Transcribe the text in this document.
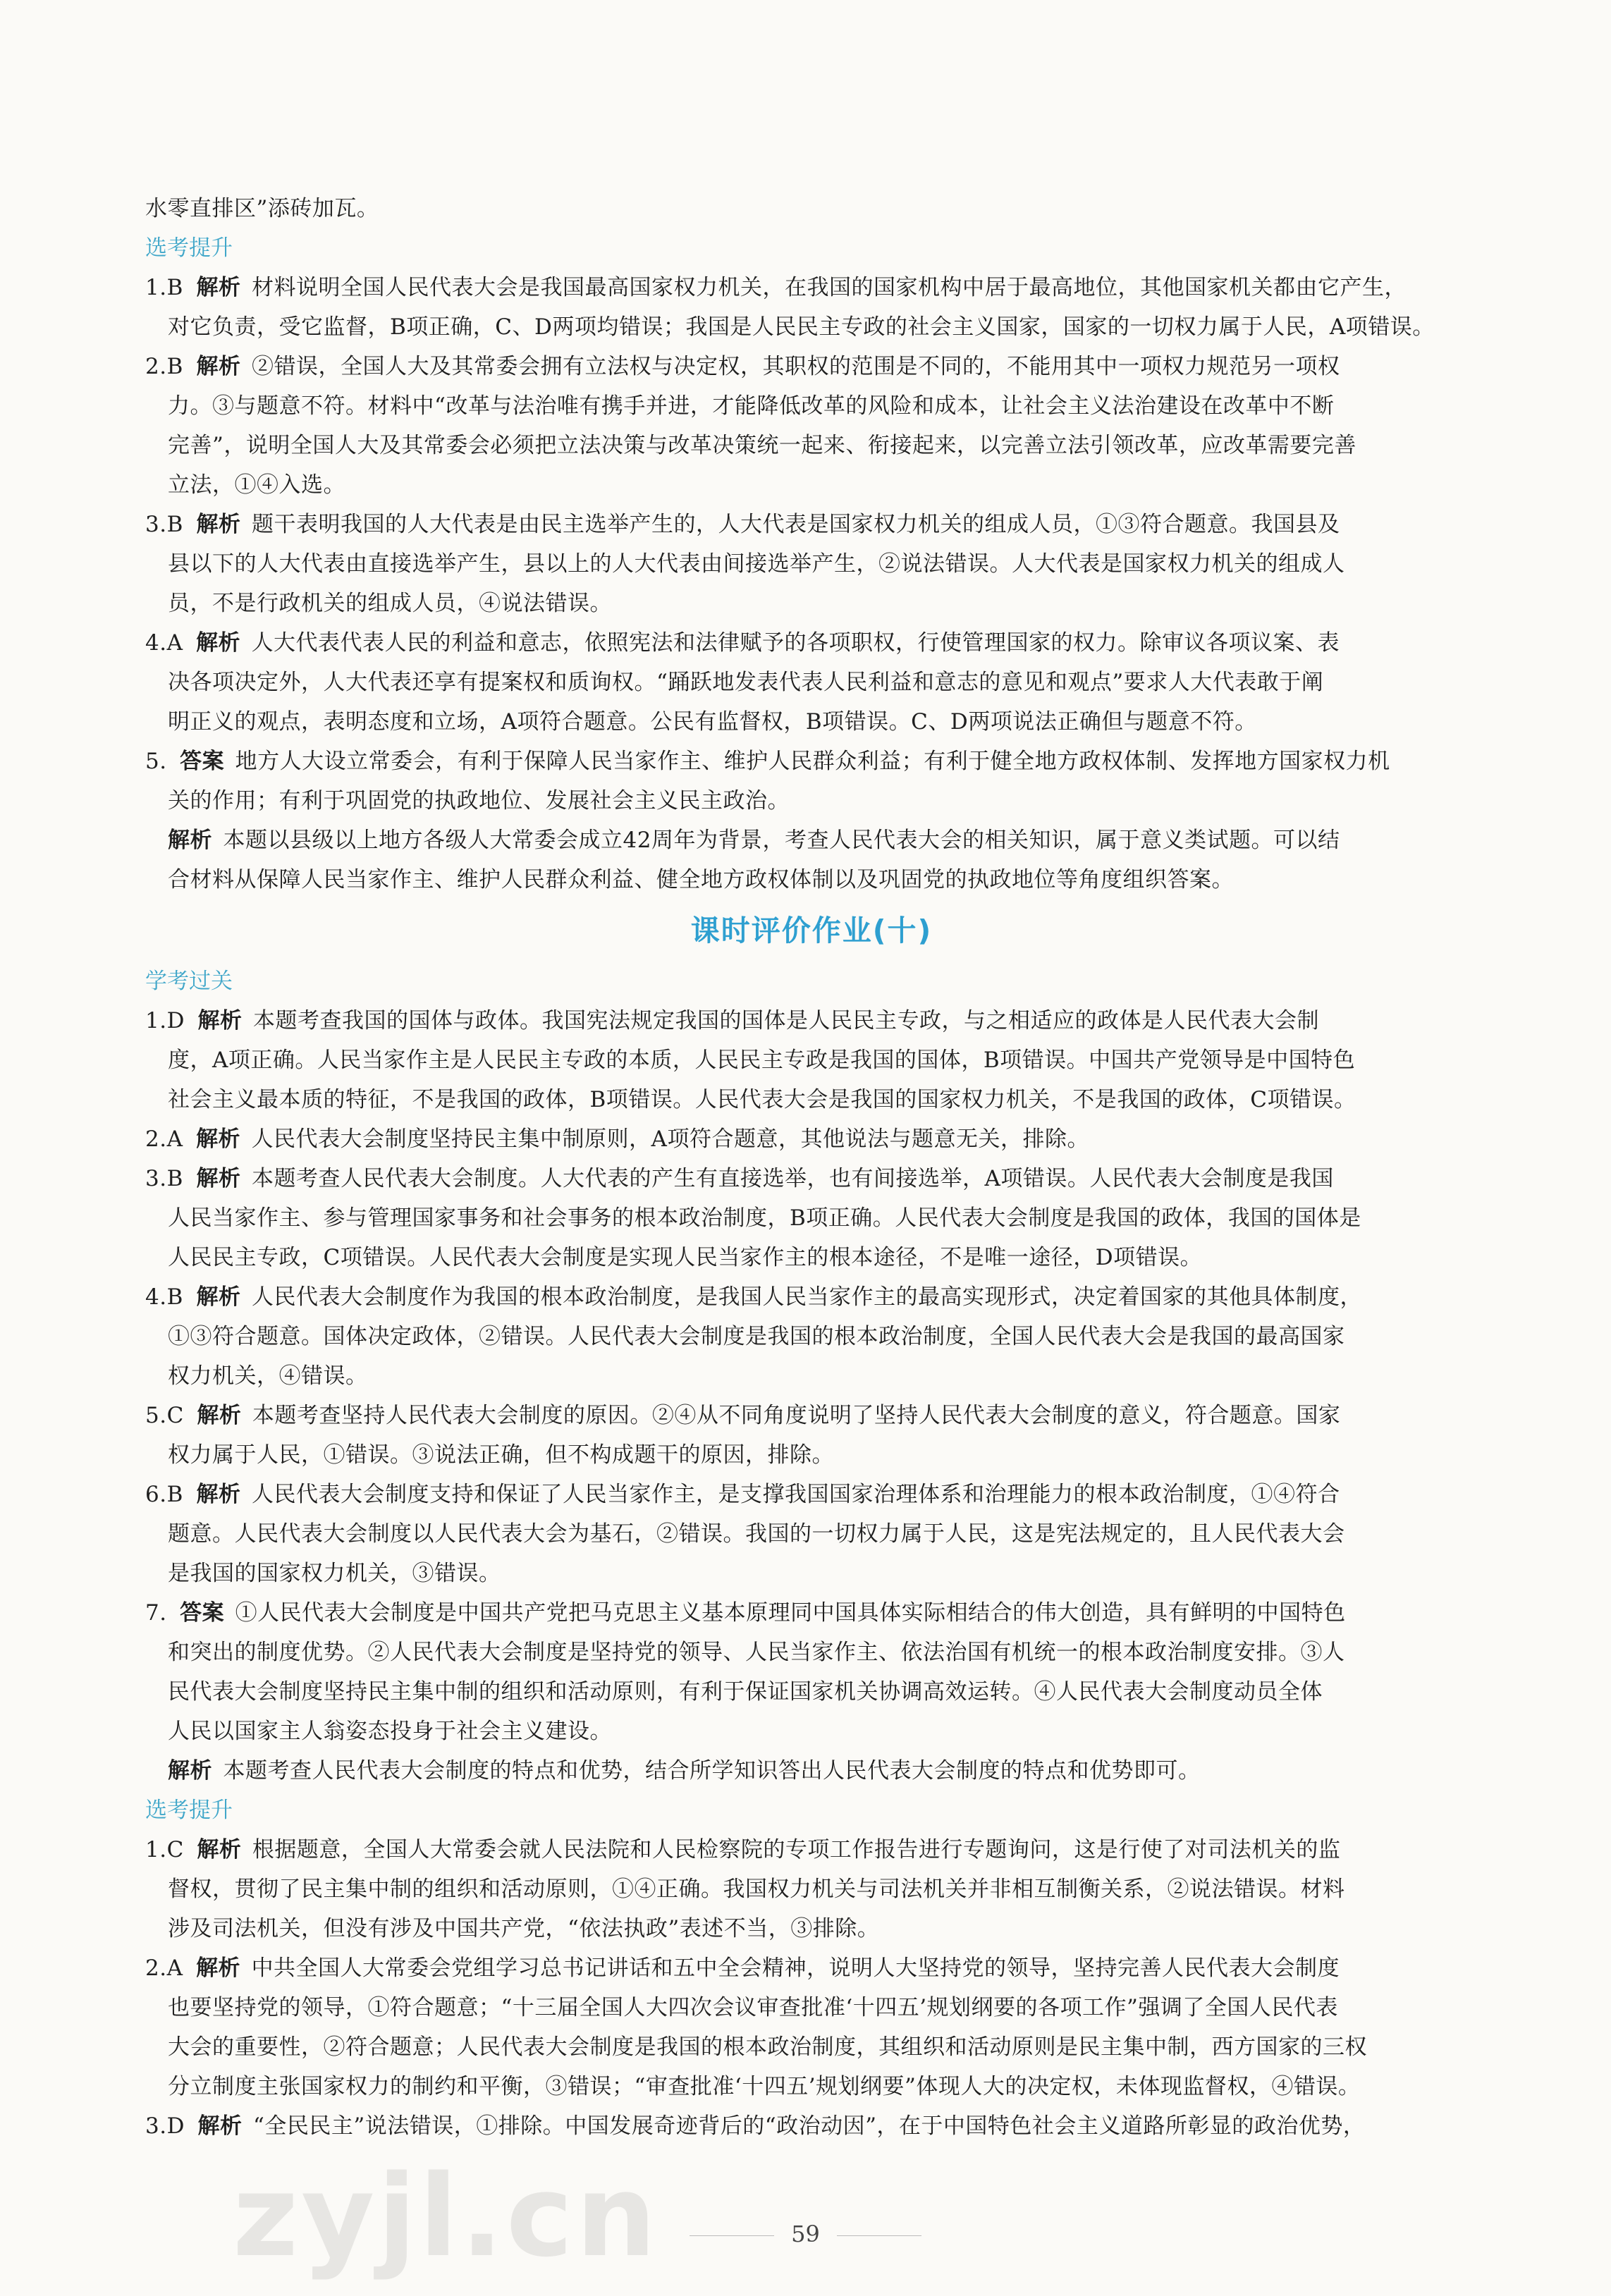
水零直排区”添砖加瓦。
选考提升
1.B 解析 材料说明全国人民代表大会是我国最高国家权力机关，在我国的国家机构中居于最高地位，其他国家机关都由它产生，
对它负责，受它监督，B项正确，C、D两项均错误；我国是人民民主专政的社会主义国家，国家的一切权力属于人民，A项错误。
2.B 解析 ②错误，全国人大及其常委会拥有立法权与决定权，其职权的范围是不同的，不能用其中一项权力规范另一项权
力。③与题意不符。材料中“改革与法治唯有携手并进，才能降低改革的风险和成本，让社会主义法治建设在改革中不断
完善”，说明全国人大及其常委会必须把立法决策与改革决策统一起来、衔接起来，以完善立法引领改革，应改革需要完善
立法，①④入选。
3.B 解析 题干表明我国的人大代表是由民主选举产生的，人大代表是国家权力机关的组成人员，①③符合题意。我国县及
县以下的人大代表由直接选举产生，县以上的人大代表由间接选举产生，②说法错误。人大代表是国家权力机关的组成人
员，不是行政机关的组成人员，④说法错误。
4.A 解析 人大代表代表人民的利益和意志，依照宪法和法律赋予的各项职权，行使管理国家的权力。除审议各项议案、表
决各项决定外，人大代表还享有提案权和质询权。“踊跃地发表代表人民利益和意志的意见和观点”要求人大代表敢于阐
明正义的观点，表明态度和立场，A项符合题意。公民有监督权，B项错误。C、D两项说法正确但与题意不符。
5. 答案 地方人大设立常委会，有利于保障人民当家作主、维护人民群众利益；有利于健全地方政权体制、发挥地方国家权力机
关的作用；有利于巩固党的执政地位、发展社会主义民主政治。
解析 本题以县级以上地方各级人大常委会成立42周年为背景，考查人民代表大会的相关知识，属于意义类试题。可以结
合材料从保障人民当家作主、维护人民群众利益、健全地方政权体制以及巩固党的执政地位等角度组织答案。
课时评价作业(十)
学考过关
1.D 解析 本题考查我国的国体与政体。我国宪法规定我国的国体是人民民主专政，与之相适应的政体是人民代表大会制
度，A项正确。人民当家作主是人民民主专政的本质，人民民主专政是我国的国体，B项错误。中国共产党领导是中国特色
社会主义最本质的特征，不是我国的政体，B项错误。人民代表大会是我国的国家权力机关，不是我国的政体，C项错误。
2.A 解析 人民代表大会制度坚持民主集中制原则，A项符合题意，其他说法与题意无关，排除。
3.B 解析 本题考查人民代表大会制度。人大代表的产生有直接选举，也有间接选举，A项错误。人民代表大会制度是我国
人民当家作主、参与管理国家事务和社会事务的根本政治制度，B项正确。人民代表大会制度是我国的政体，我国的国体是
人民民主专政，C项错误。人民代表大会制度是实现人民当家作主的根本途径，不是唯一途径，D项错误。
4.B 解析 人民代表大会制度作为我国的根本政治制度，是我国人民当家作主的最高实现形式，决定着国家的其他具体制度，
①③符合题意。国体决定政体，②错误。人民代表大会制度是我国的根本政治制度，全国人民代表大会是我国的最高国家
权力机关，④错误。
5.C 解析 本题考查坚持人民代表大会制度的原因。②④从不同角度说明了坚持人民代表大会制度的意义，符合题意。国家
权力属于人民，①错误。③说法正确，但不构成题干的原因，排除。
6.B 解析 人民代表大会制度支持和保证了人民当家作主，是支撑我国国家治理体系和治理能力的根本政治制度，①④符合
题意。人民代表大会制度以人民代表大会为基石，②错误。我国的一切权力属于人民，这是宪法规定的，且人民代表大会
是我国的国家权力机关，③错误。
7. 答案 ①人民代表大会制度是中国共产党把马克思主义基本原理同中国具体实际相结合的伟大创造，具有鲜明的中国特色
和突出的制度优势。②人民代表大会制度是坚持党的领导、人民当家作主、依法治国有机统一的根本政治制度安排。③人
民代表大会制度坚持民主集中制的组织和活动原则，有利于保证国家机关协调高效运转。④人民代表大会制度动员全体
人民以国家主人翁姿态投身于社会主义建设。
解析 本题考查人民代表大会制度的特点和优势，结合所学知识答出人民代表大会制度的特点和优势即可。
选考提升
1.C 解析 根据题意，全国人大常委会就人民法院和人民检察院的专项工作报告进行专题询问，这是行使了对司法机关的监
督权，贯彻了民主集中制的组织和活动原则，①④正确。我国权力机关与司法机关并非相互制衡关系，②说法错误。材料
涉及司法机关，但没有涉及中国共产党，“依法执政”表述不当，③排除。
2.A 解析 中共全国人大常委会党组学习总书记讲话和五中全会精神，说明人大坚持党的领导，坚持完善人民代表大会制度
也要坚持党的领导，①符合题意；“十三届全国人大四次会议审查批准‘十四五’规划纲要的各项工作”强调了全国人民代表
大会的重要性，②符合题意；人民代表大会制度是我国的根本政治制度，其组织和活动原则是民主集中制，西方国家的三权
分立制度主张国家权力的制约和平衡，③错误；“审查批准‘十四五’规划纲要”体现人大的决定权，未体现监督权，④错误。
3.D 解析 “全民民主”说法错误，①排除。中国发展奇迹背后的“政治动因”，在于中国特色社会主义道路所彰显的政治优势，
zyjl.cn	59
